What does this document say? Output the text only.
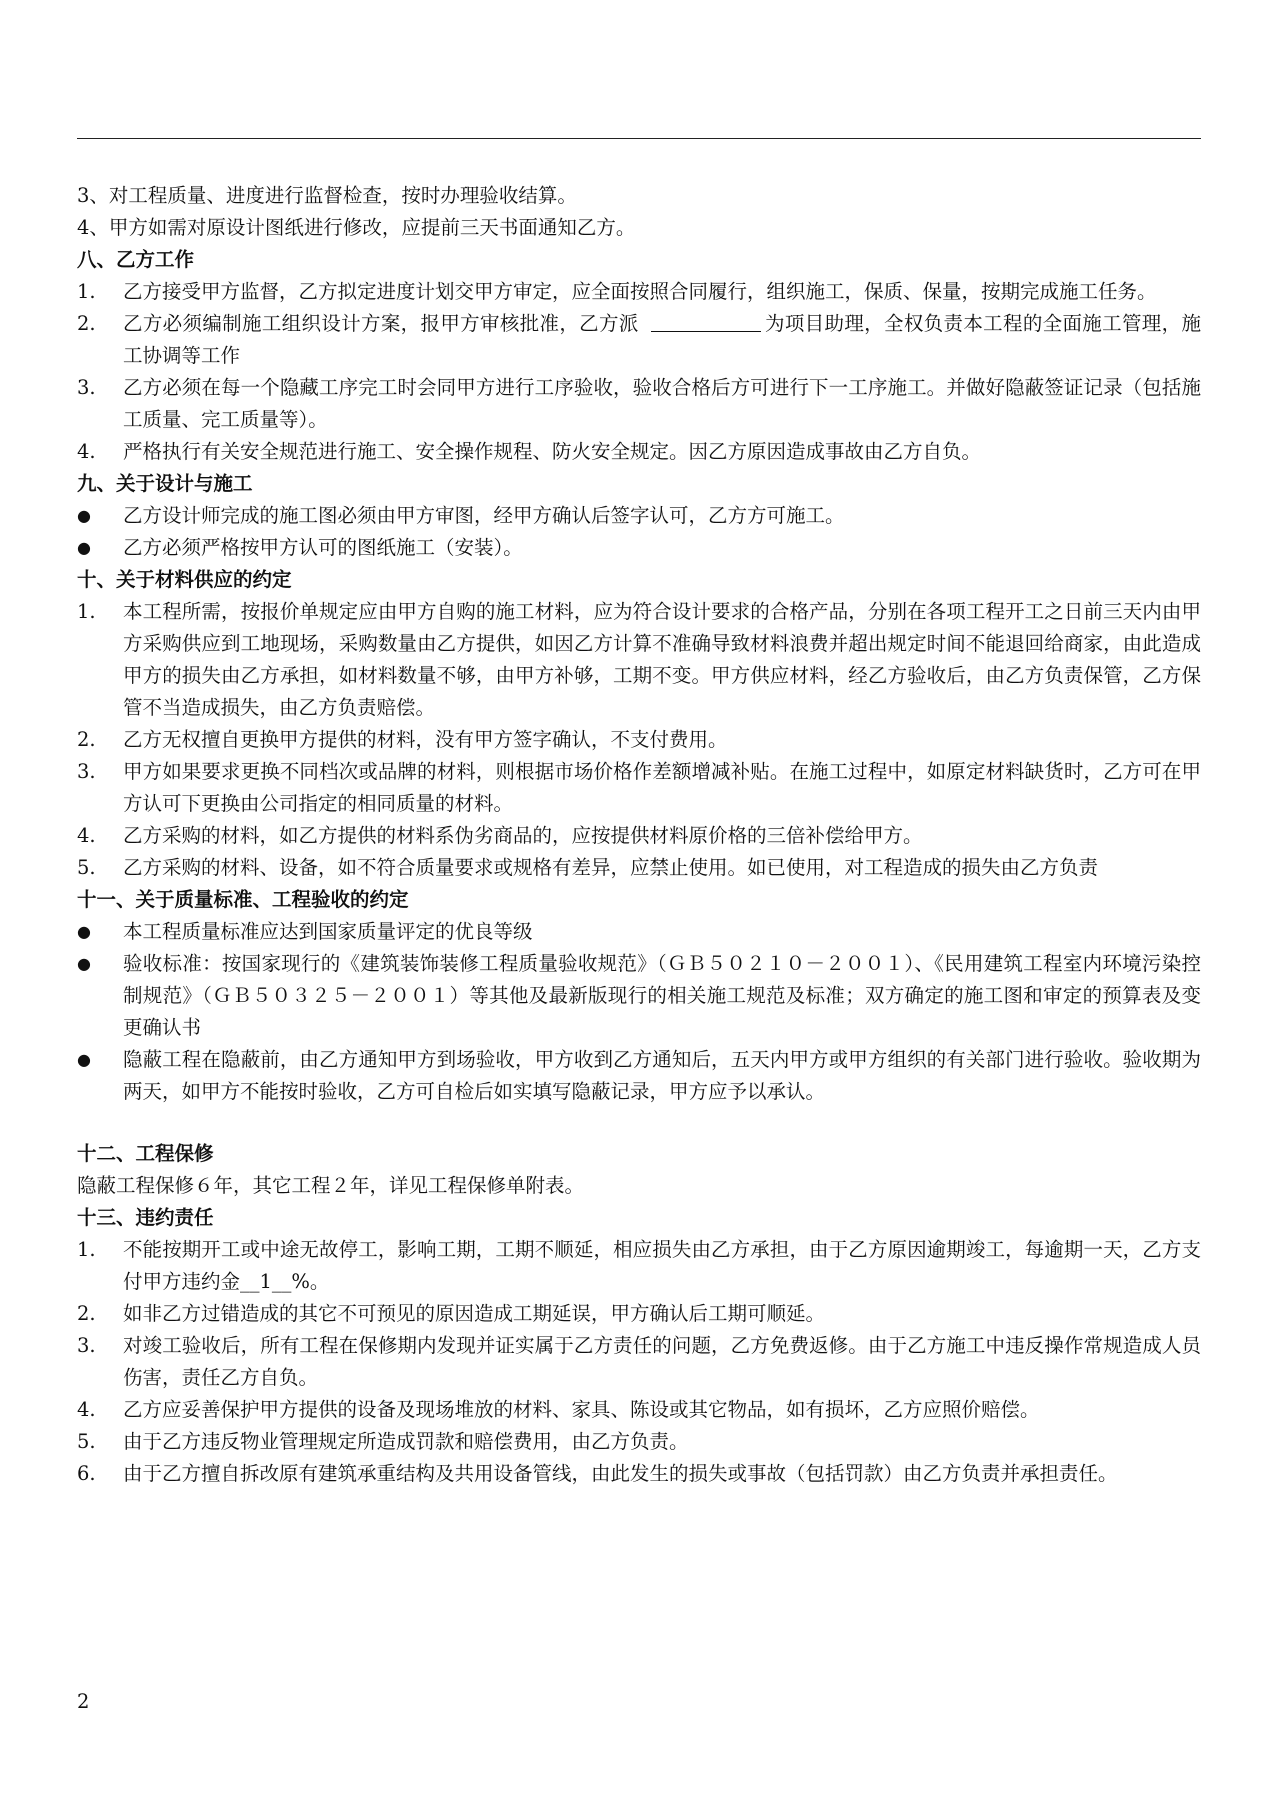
3、对工程质量、进度进行监督检查，按时办理验收结算。
4、甲方如需对原设计图纸进行修改，应提前三天书面通知乙方。
八、乙方工作
1.	乙方接受甲方监督，乙方拟定进度计划交甲方审定，应全面按照合同履行，组织施工，保质、保量，按期完成施工任务。
2.	乙方必须编制施工组织设计方案，报甲方审核批准，乙方派	为项目助理，全权负责本工程的全面施工管理，施工协调等工作
3.	乙方必须在每一个隐藏工序完工时会同甲方进行工序验收，验收合格后方可进行下一工序施工。并做好隐蔽签证记录（包括施工质量、完工质量等）。
4.	严格执行有关安全规范进行施工、安全操作规程、防火安全规定。因乙方原因造成事故由乙方自负。
九、关于设计与施工
●	乙方设计师完成的施工图必须由甲方审图，经甲方确认后签字认可，乙方方可施工。
●	乙方必须严格按甲方认可的图纸施工（安装）。
十、关于材料供应的约定
1.	本工程所需，按报价单规定应由甲方自购的施工材料，应为符合设计要求的合格产品，分别在各项工程开工之日前三天内由甲方采购供应到工地现场，采购数量由乙方提供，如因乙方计算不准确导致材料浪费并超出规定时间不能退回给商家，由此造成甲方的损失由乙方承担，如材料数量不够，由甲方补够，工期不变。甲方供应材料，经乙方验收后，由乙方负责保管，乙方保管不当造成损失，由乙方负责赔偿。
2.	乙方无权擅自更换甲方提供的材料，没有甲方签字确认，不支付费用。
3.	甲方如果要求更换不同档次或品牌的材料，则根据市场价格作差额增减补贴。在施工过程中，如原定材料缺货时，乙方可在甲方认可下更换由公司指定的相同质量的材料。
4.	乙方采购的材料，如乙方提供的材料系伪劣商品的，应按提供材料原价格的三倍补偿给甲方。
5.	乙方采购的材料、设备，如不符合质量要求或规格有差异，应禁止使用。如已使用，对工程造成的损失由乙方负责
十一、关于质量标准、工程验收的约定
●	本工程质量标准应达到国家质量评定的优良等级
●	验收标准：按国家现行的《建筑装饰装修工程质量验收规范》（ＧＢ５０２１０－２００１）、《民用建筑工程室内环境污染控制规范》（ＧＢ５０３２５－２００１）等其他及最新版现行的相关施工规范及标准；双方确定的施工图和审定的预算表及变更确认书
●	隐蔽工程在隐蔽前，由乙方通知甲方到场验收，甲方收到乙方通知后，五天内甲方或甲方组织的有关部门进行验收。验收期为两天，如甲方不能按时验收，乙方可自检后如实填写隐蔽记录，甲方应予以承认。
十二、工程保修
隐蔽工程保修６年，其它工程２年，详见工程保修单附表。
十三、违约责任
1.	不能按期开工或中途无故停工，影响工期，工期不顺延，相应损失由乙方承担，由于乙方原因逾期竣工，每逾期一天，乙方支付甲方违约金__1__%。
2.	如非乙方过错造成的其它不可预见的原因造成工期延误，甲方确认后工期可顺延。
3.	对竣工验收后，所有工程在保修期内发现并证实属于乙方责任的问题，乙方免费返修。由于乙方施工中违反操作常规造成人员伤害，责任乙方自负。
4.	乙方应妥善保护甲方提供的设备及现场堆放的材料、家具、陈设或其它物品，如有损坏，乙方应照价赔偿。
5.	由于乙方违反物业管理规定所造成罚款和赔偿费用，由乙方负责。
6.	由于乙方擅自拆改原有建筑承重结构及共用设备管线，由此发生的损失或事故（包括罚款）由乙方负责并承担责任。
2
